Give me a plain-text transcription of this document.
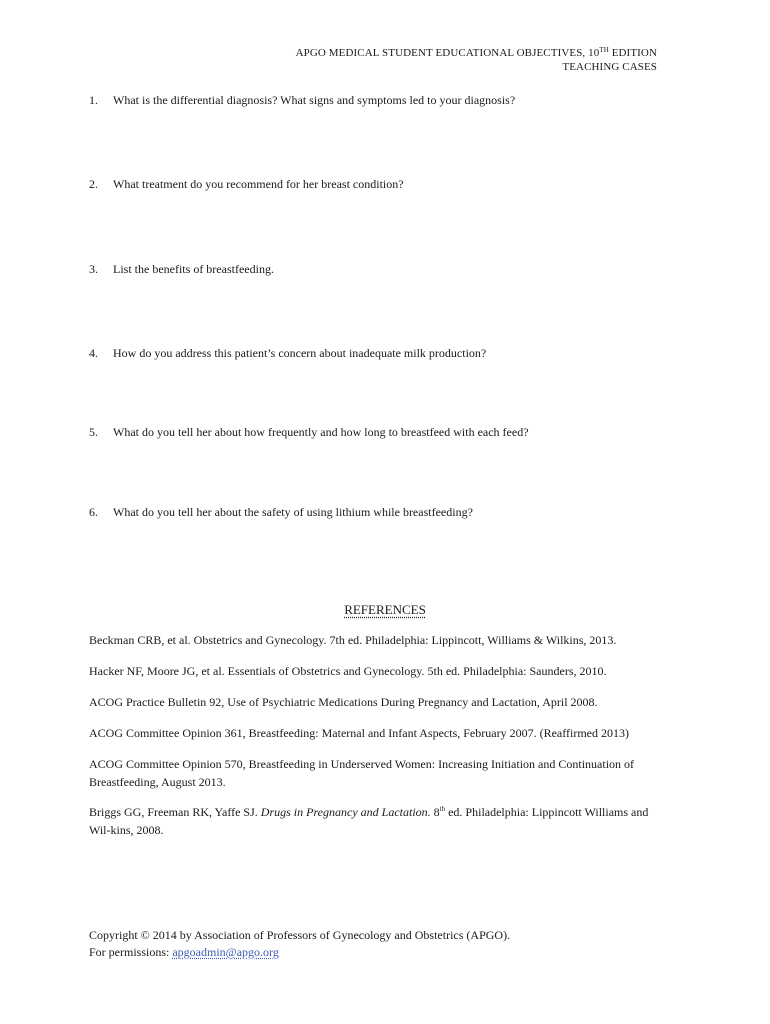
APGO MEDICAL STUDENT EDUCATIONAL OBJECTIVES, 10TH EDITION
TEACHING CASES
1. What is the differential diagnosis? What signs and symptoms led to your diagnosis?
2. What treatment do you recommend for her breast condition?
3. List the benefits of breastfeeding.
4. How do you address this patient’s concern about inadequate milk production?
5. What do you tell her about how frequently and how long to breastfeed with each feed?
6. What do you tell her about the safety of using lithium while breastfeeding?
REFERENCES
Beckman CRB, et al. Obstetrics and Gynecology. 7th ed. Philadelphia: Lippincott, Williams & Wilkins, 2013.
Hacker NF, Moore JG, et al. Essentials of Obstetrics and Gynecology. 5th ed. Philadelphia: Saunders, 2010.
ACOG Practice Bulletin 92, Use of Psychiatric Medications During Pregnancy and Lactation, April 2008.
ACOG Committee Opinion 361, Breastfeeding: Maternal and Infant Aspects, February 2007. (Reaffirmed 2013)
ACOG Committee Opinion 570, Breastfeeding in Underserved Women: Increasing Initiation and Continuation of Breastfeeding, August 2013.
Briggs GG, Freeman RK, Yaffe SJ. Drugs in Pregnancy and Lactation. 8th ed. Philadelphia: Lippincott Williams and Wil-kins, 2008.
Copyright © 2014 by Association of Professors of Gynecology and Obstetrics (APGO).
For permissions: apgoadmin@apgo.org
